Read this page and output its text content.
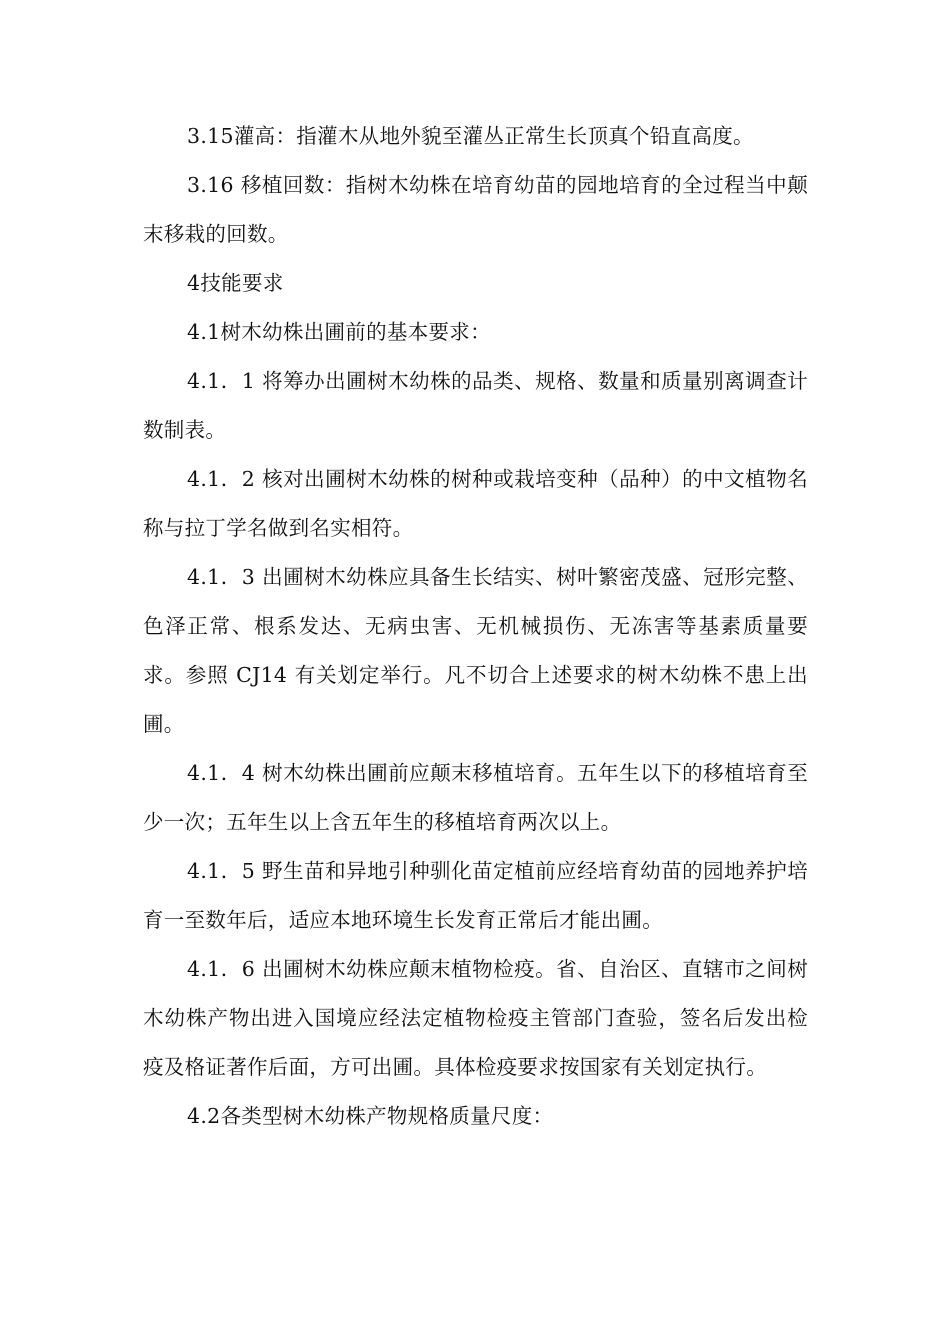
3.15灌高：指灌木从地外貌至灌丛正常生长顶真个铅直高度。

3.16 移植回数：指树木幼株在培育幼苗的园地培育的全过程当中颠末移栽的回数。

4技能要求

4.1树木幼株出圃前的基本要求：

4.1．1 将筹办出圃树木幼株的品类、规格、数量和质量别离调查计数制表。

4.1．2 核对出圃树木幼株的树种或栽培变种（品种）的中文植物名称与拉丁学名做到名实相符。

4.1．3 出圃树木幼株应具备生长结实、树叶繁密茂盛、冠形完整、色泽正常、根系发达、无病虫害、无机械损伤、无冻害等基素质量要求。参照 CJ14 有关划定举行。凡不切合上述要求的树木幼株不患上出圃。

4.1．4 树木幼株出圃前应颠末移植培育。五年生以下的移植培育至少一次；五年生以上含五年生的移植培育两次以上。

4.1．5 野生苗和异地引种驯化苗定植前应经培育幼苗的园地养护培育一至数年后，适应本地环境生长发育正常后才能出圃。

4.1．6 出圃树木幼株应颠末植物检疫。省、自治区、直辖市之间树木幼株产物出进入国境应经法定植物检疫主管部门查验，签名后发出检疫及格证著作后面，方可出圃。具体检疫要求按国家有关划定执行。

4.2各类型树木幼株产物规格质量尺度：
